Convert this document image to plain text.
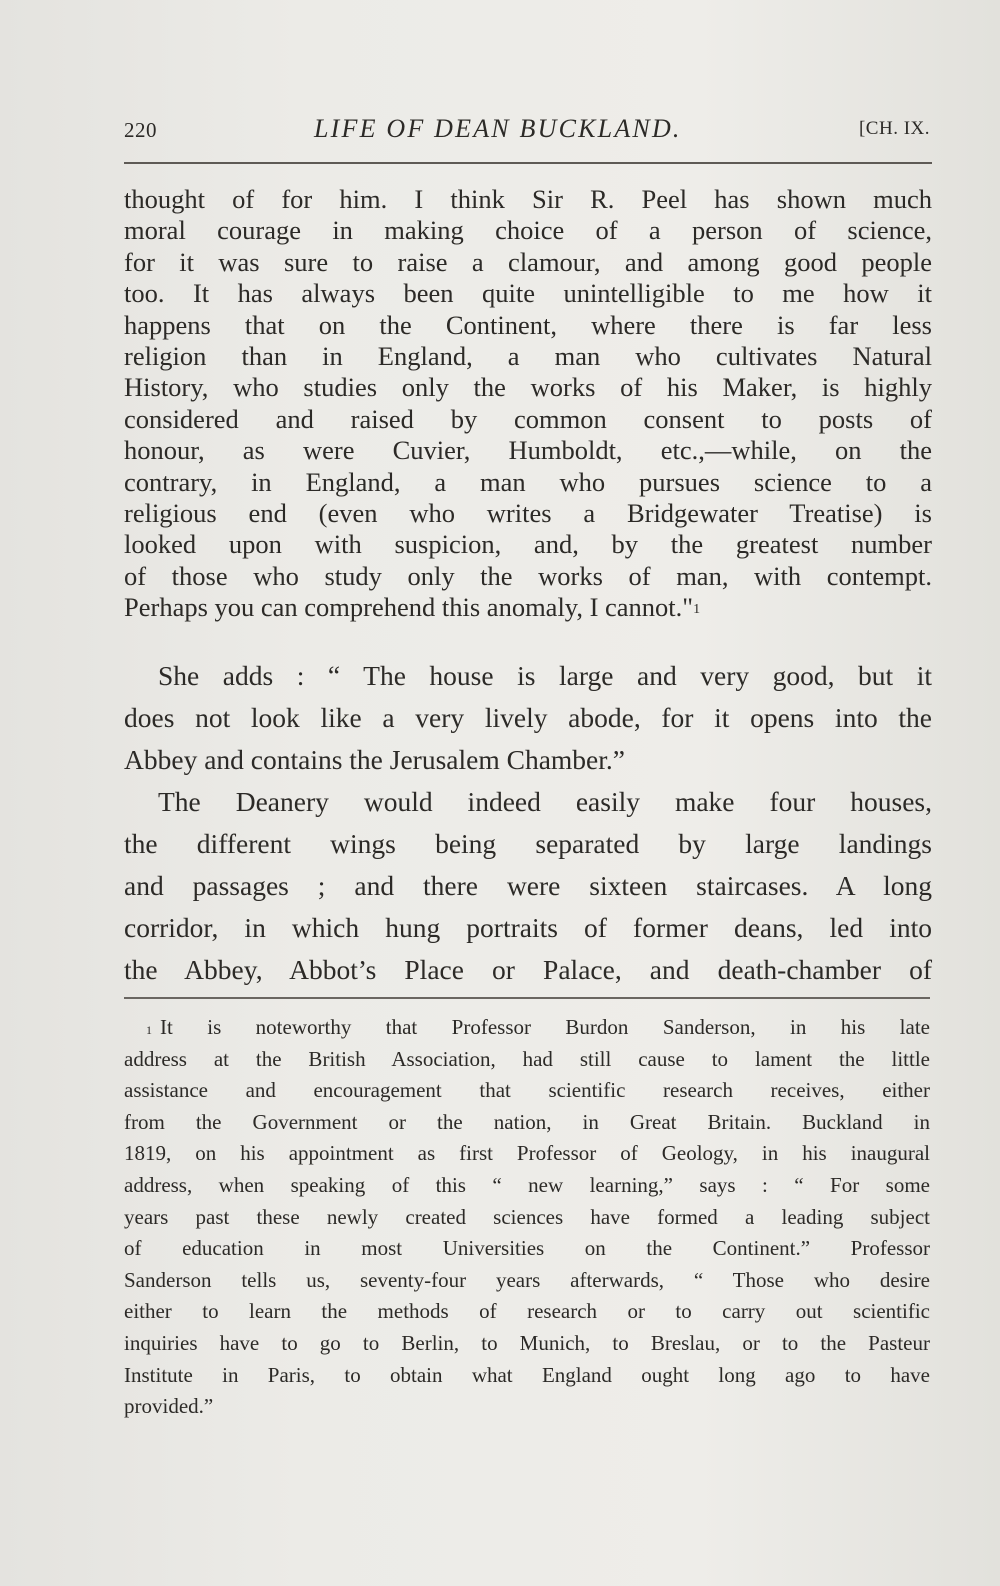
220	LIFE OF DEAN BUCKLAND.	[CH. IX.
thought of for him. I think Sir R. Peel has shown much
moral courage in making choice of a person of science,
for it was sure to raise a clamour, and among good people
too. It has always been quite unintelligible to me how it
happens that on the Continent, where there is far less
religion than in England, a man who cultivates Natural
History, who studies only the works of his Maker, is highly
considered and raised by common consent to posts of
honour, as were Cuvier, Humboldt, etc.,—while, on the
contrary, in England, a man who pursues science to a
religious end (even who writes a Bridgewater Treatise) is
looked upon with suspicion, and, by the greatest number
of those who study only the works of man, with contempt.
Perhaps you can comprehend this anomaly, I cannot."$^1$
She adds : “ The house is large and very good, but it
does not look like a very lively abode, for it opens into the
Abbey and contains the Jerusalem Chamber.”
The Deanery would indeed easily make four houses,
the different wings being separated by large landings
and passages ; and there were sixteen staircases. A long
corridor, in which hung portraits of former deans, led into
the Abbey, Abbot’s Place or Palace, and death-chamber of
$^1$ It is noteworthy that Professor Burdon Sanderson, in his late
address at the British Association, had still cause to lament the little
assistance and encouragement that scientific research receives, either
from the Government or the nation, in Great Britain. Buckland in
1819, on his appointment as first Professor of Geology, in his inaugural
address, when speaking of this “ new learning,” says : “ For some
years past these newly created sciences have formed a leading subject
of education in most Universities on the Continent.” Professor
Sanderson tells us, seventy-four years afterwards, “ Those who desire
either to learn the methods of research or to carry out scientific
inquiries have to go to Berlin, to Munich, to Breslau, or to the Pasteur
Institute in Paris, to obtain what England ought long ago to have
provided.”
